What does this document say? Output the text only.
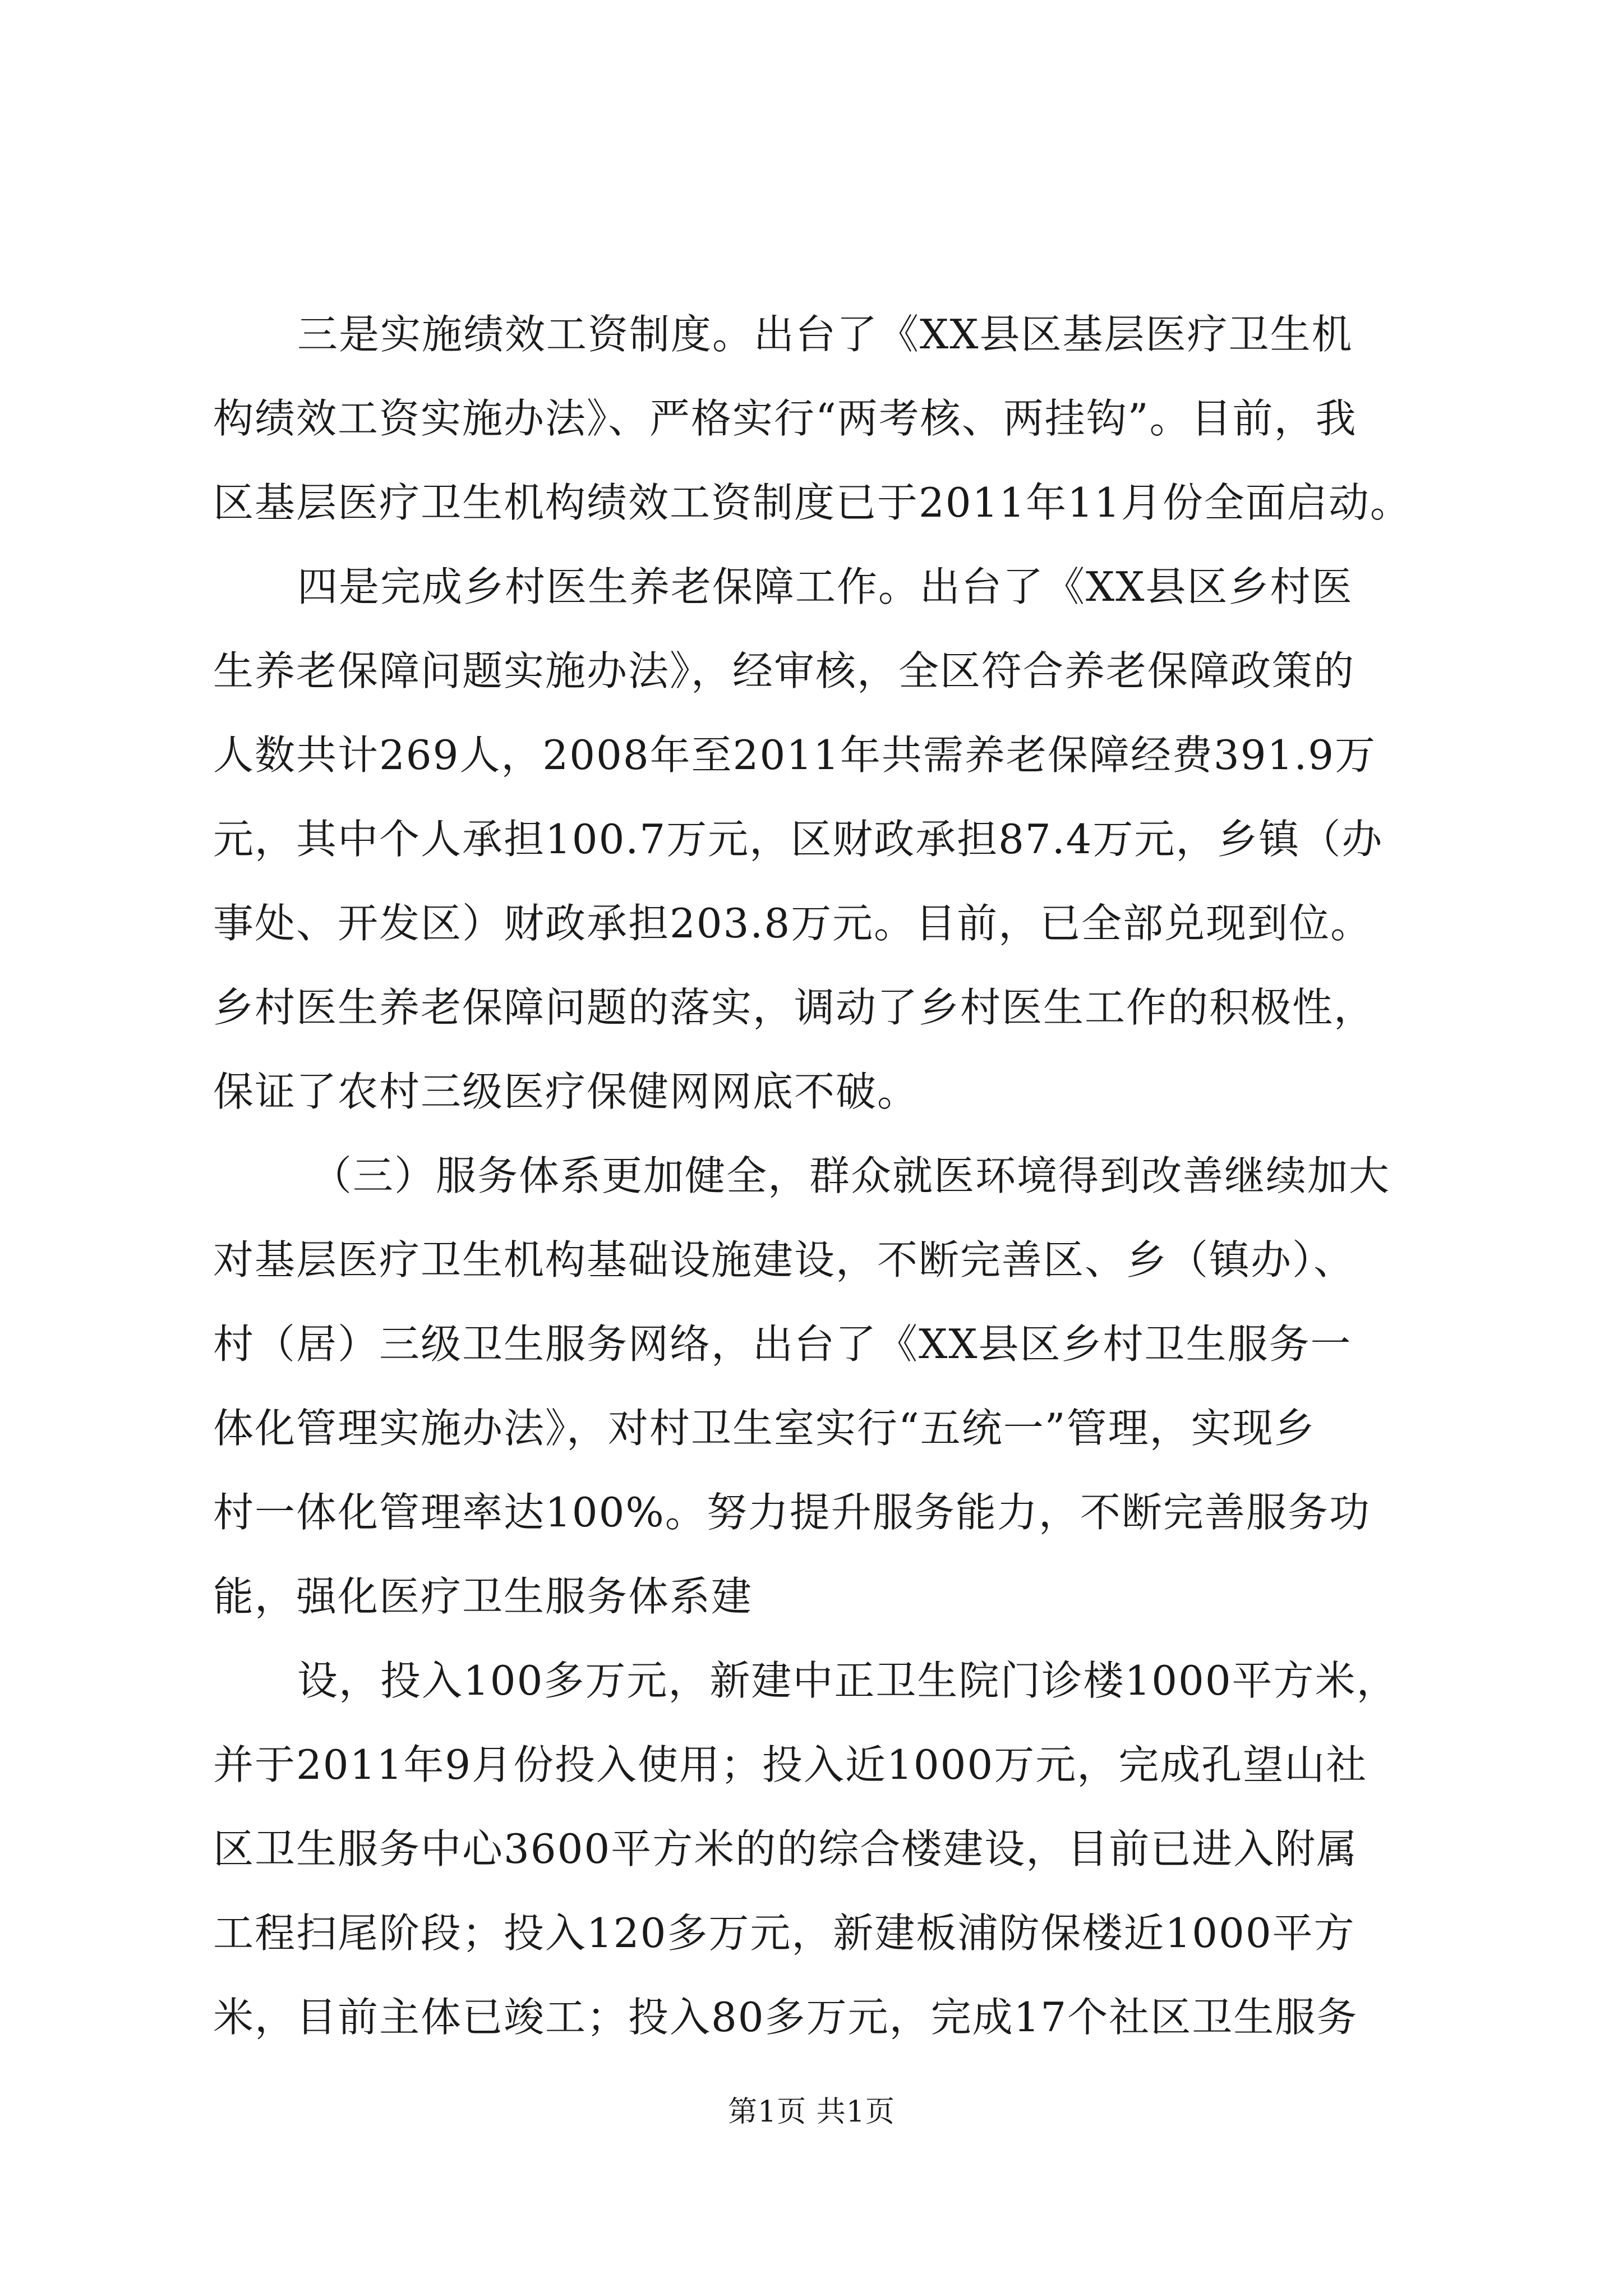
三是实施绩效工资制度。出台了《XX县区基层医疗卫生机
构绩效工资实施办法》、严格实行“两考核、两挂钩”。目前，我
区基层医疗卫生机构绩效工资制度已于2011年11月份全面启动。
四是完成乡村医生养老保障工作。出台了《XX县区乡村医
生养老保障问题实施办法》，经审核，全区符合养老保障政策的
人数共计269人，2008年至2011年共需养老保障经费391.9万
元，其中个人承担100.7万元，区财政承担87.4万元，乡镇（办
事处、开发区）财政承担203.8万元。目前，已全部兑现到位。
乡村医生养老保障问题的落实，调动了乡村医生工作的积极性，
保证了农村三级医疗保健网网底不破。
（三）服务体系更加健全，群众就医环境得到改善继续加大
对基层医疗卫生机构基础设施建设，不断完善区、乡（镇办）、
村（居）三级卫生服务网络，出台了《XX县区乡村卫生服务一
体化管理实施办法》，对村卫生室实行“五统一”管理，实现乡
村一体化管理率达100%。努力提升服务能力，不断完善服务功
能，强化医疗卫生服务体系建
设，投入100多万元，新建中正卫生院门诊楼1000平方米，
并于2011年9月份投入使用；投入近1000万元，完成孔望山社
区卫生服务中心3600平方米的的综合楼建设，目前已进入附属
工程扫尾阶段；投入120多万元，新建板浦防保楼近1000平方
米，目前主体已竣工；投入80多万元，完成17个社区卫生服务
第1页 共1页
